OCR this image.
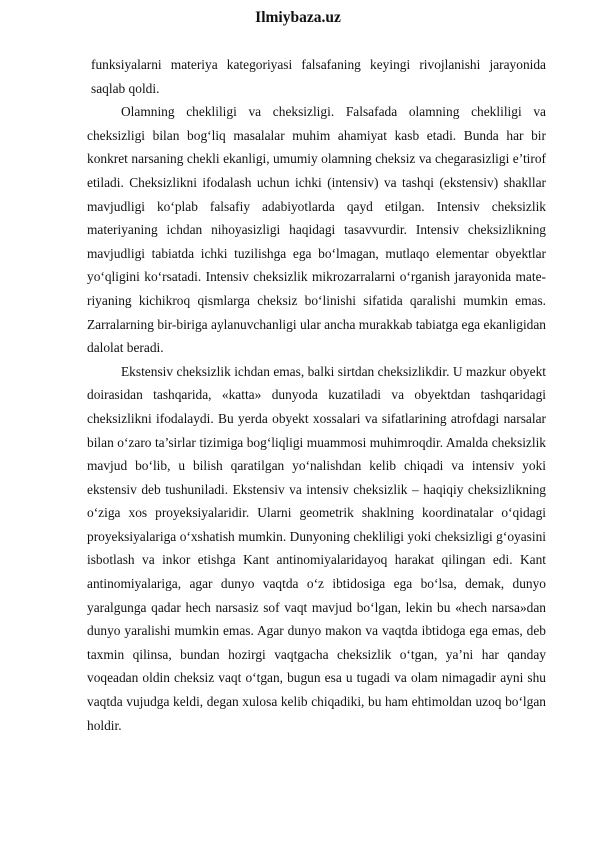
Ilmiybaza.uz

funksiyalarni materiya kategoriyasi falsafaning keyingi rivojlanishi jarayonida saqlab qoldi.

Olamning chekliligi va cheksizligi. Falsafada olamning chekliligi va cheksizligi bilan bog‘liq masalalar muhim ahamiyat kasb etadi. Bunda har bir konkret narsaning chekli ekanligi, umumiy olamning cheksiz va chegarasizligi e’tirof etiladi. Cheksizlikni ifodalash uchun ichki (intensiv) va tashqi (ekstensiv) shakllar mavjudligi ko‘plab falsafiy adabiyotlarda qayd etilgan. Intensiv cheksizlik materiyaning ichdan nihoyasizligi haqidagi tasavvurdir. Intensiv cheksizlikning mavjudligi tabiatda ichki tuzilishga ega bo‘lmagan, mutlaqo elementar obyektlar yo‘qligini ko‘rsatadi. Intensiv cheksizlik mikrozarralarni o‘rganish jarayonida mate- riyaning kichikroq qismlarga cheksiz bo‘linishi sifatida qaralishi mumkin emas. Zarralarning bir-biriga aylanuvchanligi ular ancha murakkab tabiatga ega ekanligidan dalolat beradi.

Ekstensiv cheksizlik ichdan emas, balki sirtdan cheksizlikdir. U mazkur obyekt doirasidan tashqarida, «katta» dunyoda kuzatiladi va obyektdan tashqaridagi cheksizlikni ifodalaydi. Bu yerda obyekt xossalari va sifatlarining atrofdagi narsalar bilan o‘zaro ta’sirlar tizimiga bog‘liqligi muammosi muhimroqdir. Amalda cheksizlik mavjud bo‘lib, u bilish qaratilgan yo‘nalishdan kelib chiqadi va intensiv yoki ekstensiv deb tushuniladi. Ekstensiv va intensiv cheksizlik – haqiqiy cheksizlikning o‘ziga xos proyeksiyalaridir. Ularni geometrik shaklning koordinatalar o‘qidagi proyeksiyalariga o‘xshatish mumkin. Dunyoning chekliligi yoki cheksizligi g‘oyasini isbotlash va inkor etishga Kant antinomiyalaridayoq harakat qilingan edi. Kant antinomiyalariga, agar dunyo vaqtda o‘z ibtidosiga ega bo‘lsa, demak, dunyo yaralgunga qadar hech narsasiz sof vaqt mavjud bo‘lgan, lekin bu «hech narsa»dan dunyo yaralishi mumkin emas. Agar dunyo makon va vaqtda ibtidoga ega emas, deb taxmin qilinsa, bundan hozirgi vaqtgacha cheksizlik o‘tgan, ya’ni har qanday voqeadan oldin cheksiz vaqt o‘tgan, bugun esa u tugadi va olam nimagadir ayni shu vaqtda vujudga keldi, degan xulosa kelib chiqadiki, bu ham ehtimoldan uzoq bo‘lgan holdir.
